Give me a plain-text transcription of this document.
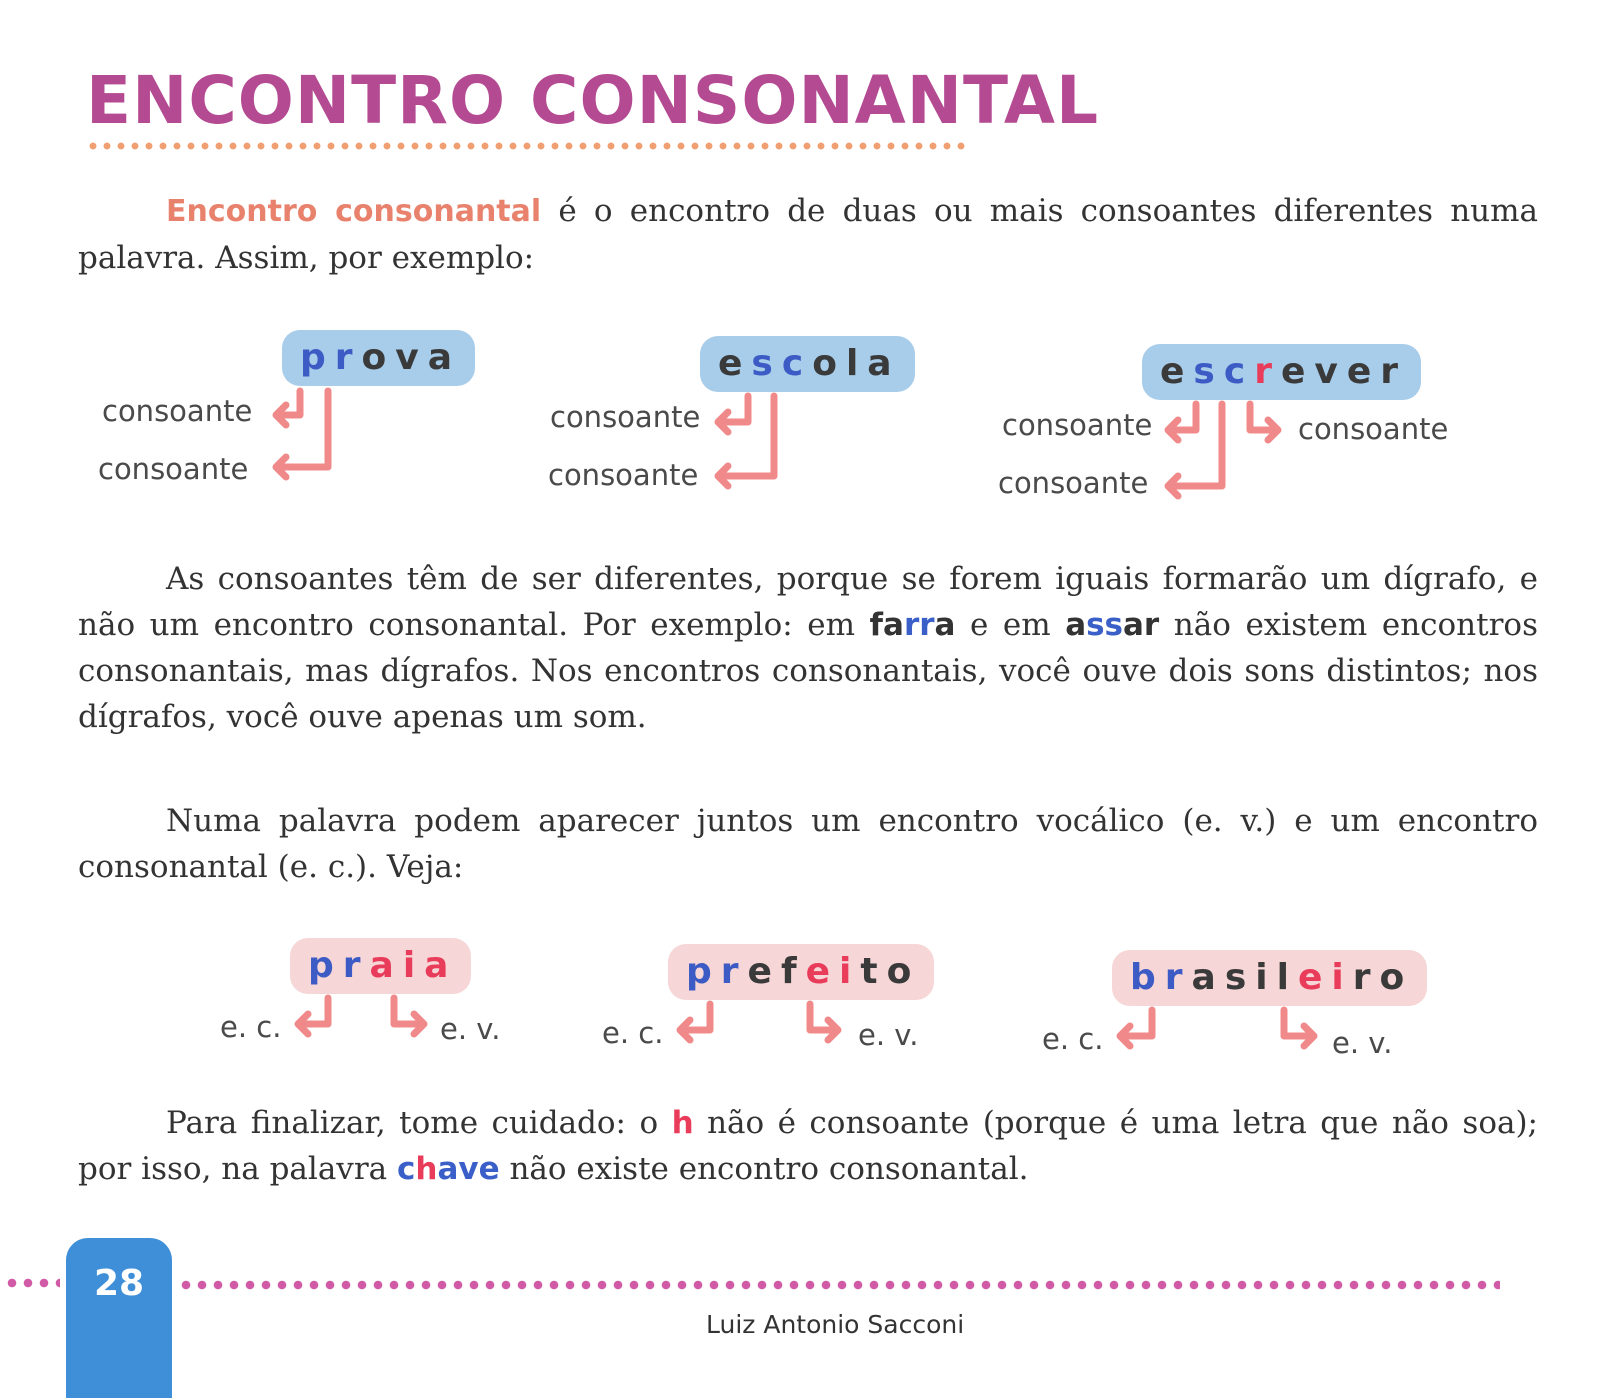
ENCONTRO CONSONANTAL
Encontro consonantal é o encontro de duas ou mais consoantes diferentes numa palavra. Assim, por exemplo:
prova
consoante
consoante
escola
consoante
consoante
escrever
consoante
consoante
consoante
As consoantes têm de ser diferentes, porque se forem iguais formarão um dígrafo, e não um encontro consonantal. Por exemplo: em farra e em assar não existem encontros consonantais, mas dígrafos. Nos encontros consonantais, você ouve dois sons distintos; nos dígrafos, você ouve apenas um som.
Numa palavra podem aparecer juntos um encontro vocálico (e. v.) e um encontro consonantal (e. c.). Veja:
praia
e. c.	e. v.
prefeito
e. c.	e. v.
brasileiro
e. c.	e. v.
Para finalizar, tome cuidado: o h não é consoante (porque é uma letra que não soa); por isso, na palavra chave não existe encontro consonantal.
28
Luiz Antonio Sacconi
